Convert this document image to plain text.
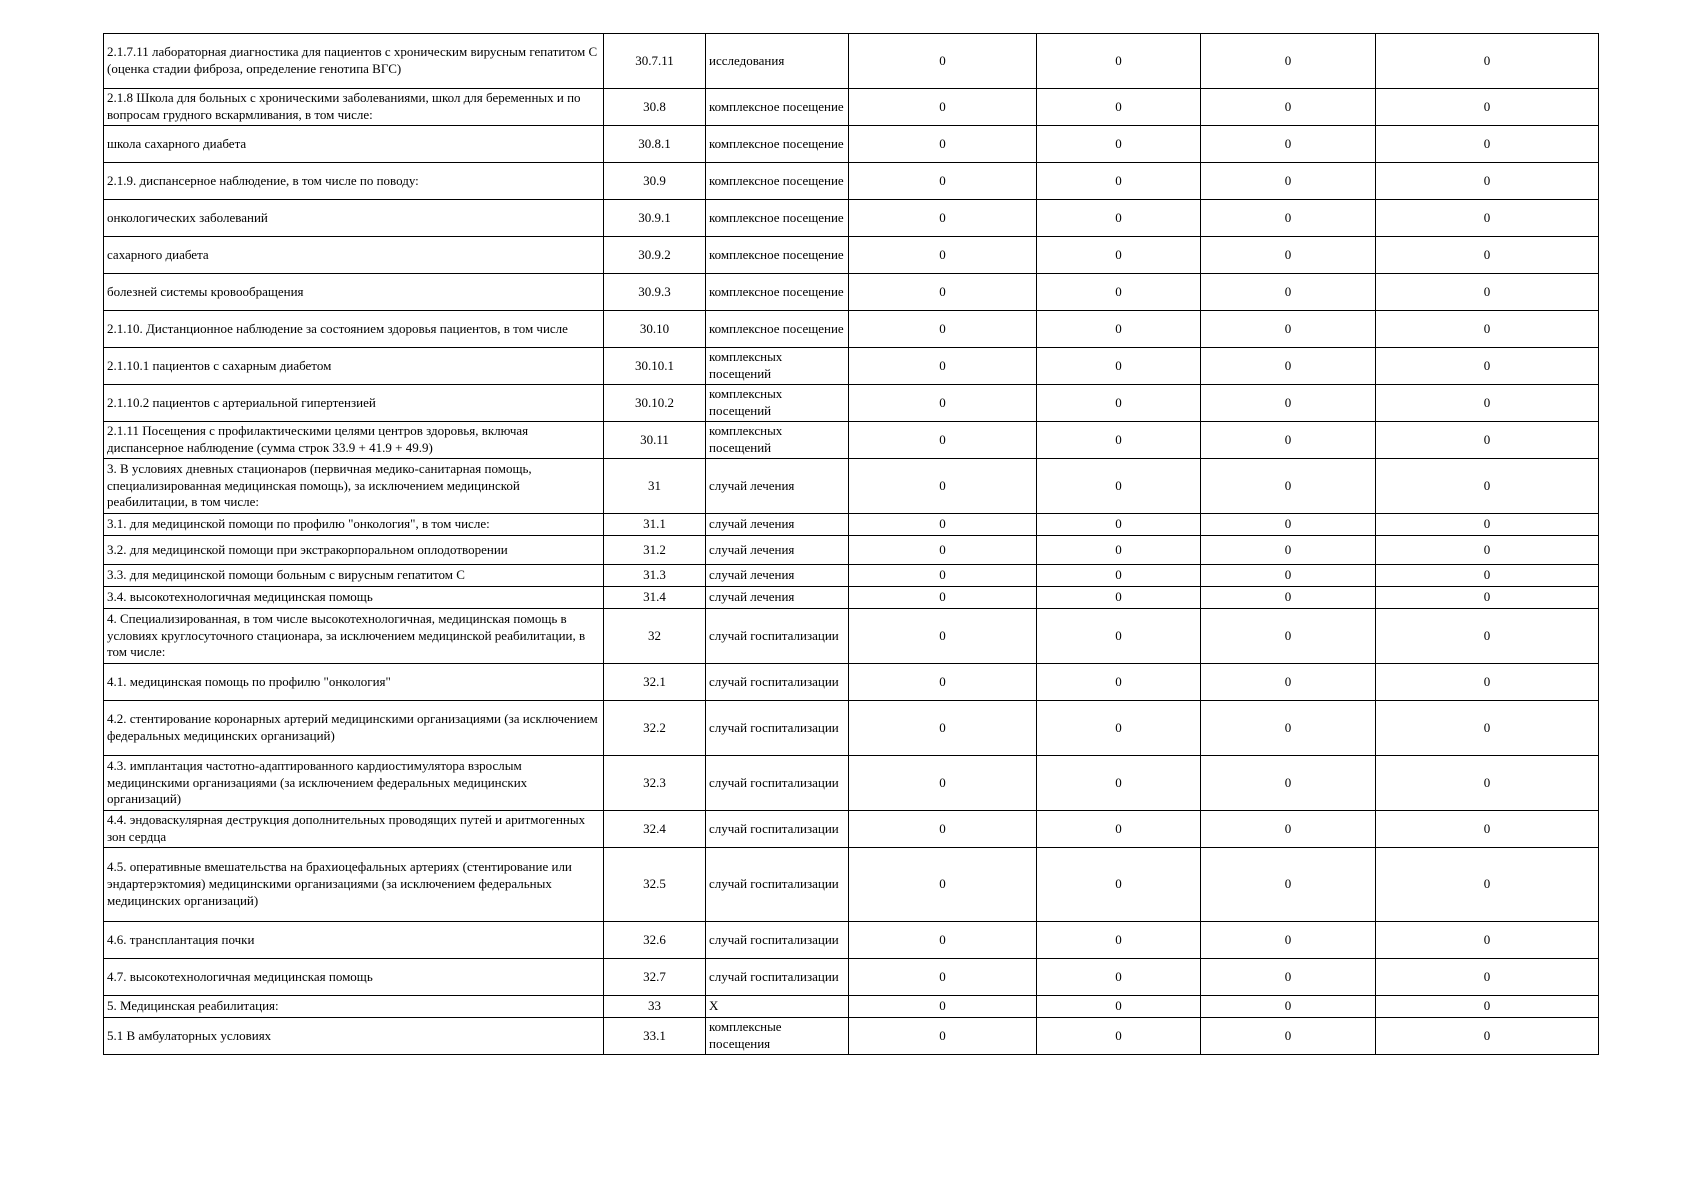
2.1.7.11 лабораторная диагностика для пациентов с хроническим вирусным гепатитом С (оценка стадии фиброза, определение генотипа ВГС)	30.7.11	исследования	0	0	0	0
2.1.8 Школа для больных с хроническими заболеваниями, школ для беременных и по вопросам грудного вскармливания, в том числе:	30.8	комплексное посещение	0	0	0	0
школа сахарного диабета	30.8.1	комплексное посещение	0	0	0	0
2.1.9. диспансерное наблюдение, в том числе по поводу:	30.9	комплексное посещение	0	0	0	0
онкологических заболеваний	30.9.1	комплексное посещение	0	0	0	0
сахарного диабета	30.9.2	комплексное посещение	0	0	0	0
болезней системы кровообращения	30.9.3	комплексное посещение	0	0	0	0
2.1.10. Дистанционное наблюдение за состоянием здоровья пациентов, в том числе	30.10	комплексное посещение	0	0	0	0
2.1.10.1 пациентов с сахарным диабетом	30.10.1	комплексных посещений	0	0	0	0
2.1.10.2 пациентов с артериальной гипертензией	30.10.2	комплексных посещений	0	0	0	0
2.1.11 Посещения с профилактическими целями центров здоровья, включая диспансерное наблюдение (сумма строк 33.9 + 41.9 + 49.9)	30.11	комплексных посещений	0	0	0	0
3. В условиях дневных стационаров (первичная медико-санитарная помощь, специализированная медицинская помощь), за исключением медицинской реабилитации, в том числе:	31	случай лечения	0	0	0	0
3.1. для медицинской помощи по профилю "онкология", в том числе:	31.1	случай лечения	0	0	0	0
3.2. для медицинской помощи при экстракорпоральном оплодотворении	31.2	случай лечения	0	0	0	0
3.3. для медицинской помощи больным с вирусным гепатитом С	31.3	случай лечения	0	0	0	0
3.4. высокотехнологичная медицинская помощь	31.4	случай лечения	0	0	0	0
4. Специализированная, в том числе высокотехнологичная, медицинская помощь в условиях круглосуточного стационара, за исключением медицинской реабилитации, в том числе:	32	случай госпитализации	0	0	0	0
4.1. медицинская помощь по профилю "онкология"	32.1	случай госпитализации	0	0	0	0
4.2. стентирование коронарных артерий медицинскими организациями (за исключением федеральных медицинских организаций)	32.2	случай госпитализации	0	0	0	0
4.3. имплантация частотно-адаптированного кардиостимулятора взрослым медицинскими организациями (за исключением федеральных медицинских организаций)	32.3	случай госпитализации	0	0	0	0
4.4. эндоваскулярная деструкция дополнительных проводящих путей и аритмогенных зон сердца	32.4	случай госпитализации	0	0	0	0
4.5. оперативные вмешательства на брахиоцефальных артериях (стентирование или эндартерэктомия) медицинскими организациями (за исключением федеральных медицинских организаций)	32.5	случай госпитализации	0	0	0	0
4.6. трансплантация почки	32.6	случай госпитализации	0	0	0	0
4.7. высокотехнологичная медицинская помощь	32.7	случай госпитализации	0	0	0	0
5. Медицинская реабилитация:	33	Х	0	0	0	0
5.1 В амбулаторных условиях	33.1	комплексные посещения	0	0	0	0
